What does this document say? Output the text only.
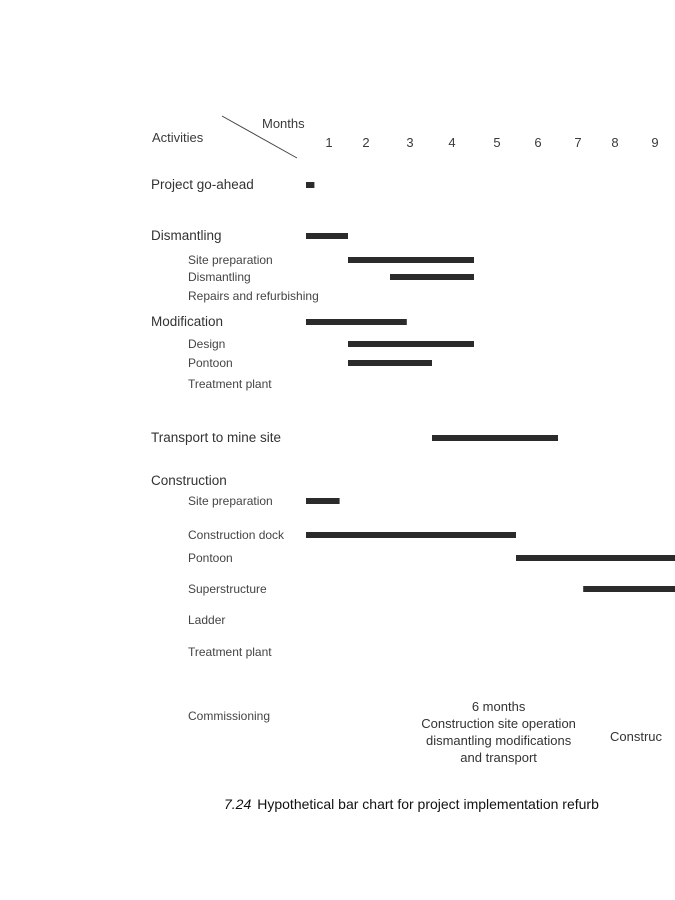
Activities
Months
1 2	3	4	5	6	7 8	9
Project go-ahead
Dismantling
Site preparation
Dismantling
Repairs and refurbishing
Modification
Design
Pontoon
Treatment plant
Transport to mine site
Construction
Site preparation
Construction dock
Pontoon
Superstructure
Ladder
Treatment plant
Commissioning
6 months
Construction site operation
dismantling modifications
and transport
Construc
7.24 Hypothetical bar chart for project implementation refurb
